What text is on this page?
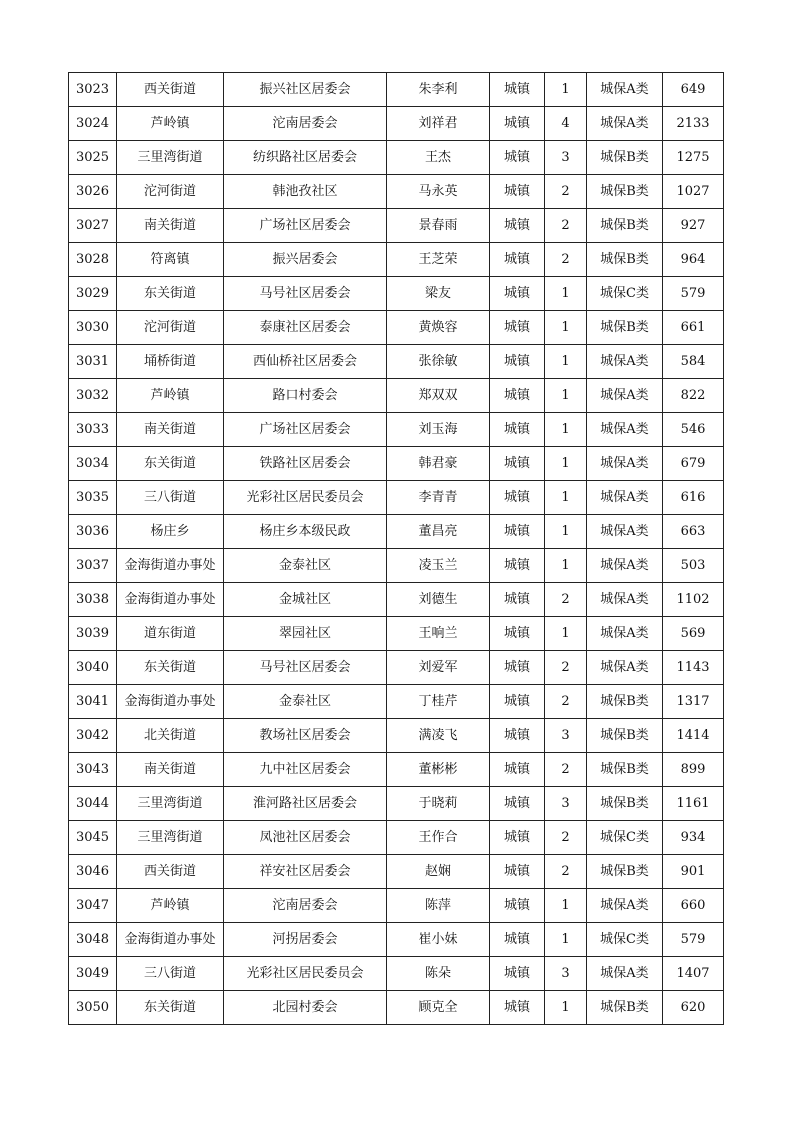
3023	西关街道	振兴社区居委会	朱李利	城镇	1	城保A类	649
3024	芦岭镇	沱南居委会	刘祥君	城镇	4	城保A类	2133
3025	三里湾街道	纺织路社区居委会	王杰	城镇	3	城保B类	1275
3026	沱河街道	韩池孜社区	马永英	城镇	2	城保B类	1027
3027	南关街道	广场社区居委会	景春雨	城镇	2	城保B类	927
3028	符离镇	振兴居委会	王芝荣	城镇	2	城保B类	964
3029	东关街道	马号社区居委会	梁友	城镇	1	城保C类	579
3030	沱河街道	泰康社区居委会	黄焕容	城镇	1	城保B类	661
3031	埇桥街道	西仙桥社区居委会	张徐敏	城镇	1	城保A类	584
3032	芦岭镇	路口村委会	郑双双	城镇	1	城保A类	822
3033	南关街道	广场社区居委会	刘玉海	城镇	1	城保A类	546
3034	东关街道	铁路社区居委会	韩君豪	城镇	1	城保A类	679
3035	三八街道	光彩社区居民委员会	李青青	城镇	1	城保A类	616
3036	杨庄乡	杨庄乡本级民政	董昌亮	城镇	1	城保A类	663
3037	金海街道办事处	金泰社区	凌玉兰	城镇	1	城保A类	503
3038	金海街道办事处	金城社区	刘德生	城镇	2	城保A类	1102
3039	道东街道	翠园社区	王响兰	城镇	1	城保A类	569
3040	东关街道	马号社区居委会	刘爱军	城镇	2	城保A类	1143
3041	金海街道办事处	金泰社区	丁桂芹	城镇	2	城保B类	1317
3042	北关街道	教场社区居委会	满凌飞	城镇	3	城保B类	1414
3043	南关街道	九中社区居委会	董彬彬	城镇	2	城保B类	899
3044	三里湾街道	淮河路社区居委会	于晓莉	城镇	3	城保B类	1161
3045	三里湾街道	凤池社区居委会	王作合	城镇	2	城保C类	934
3046	西关街道	祥安社区居委会	赵娴	城镇	2	城保B类	901
3047	芦岭镇	沱南居委会	陈萍	城镇	1	城保A类	660
3048	金海街道办事处	河拐居委会	崔小妹	城镇	1	城保C类	579
3049	三八街道	光彩社区居民委员会	陈朵	城镇	3	城保A类	1407
3050	东关街道	北园村委会	顾克全	城镇	1	城保B类	620
